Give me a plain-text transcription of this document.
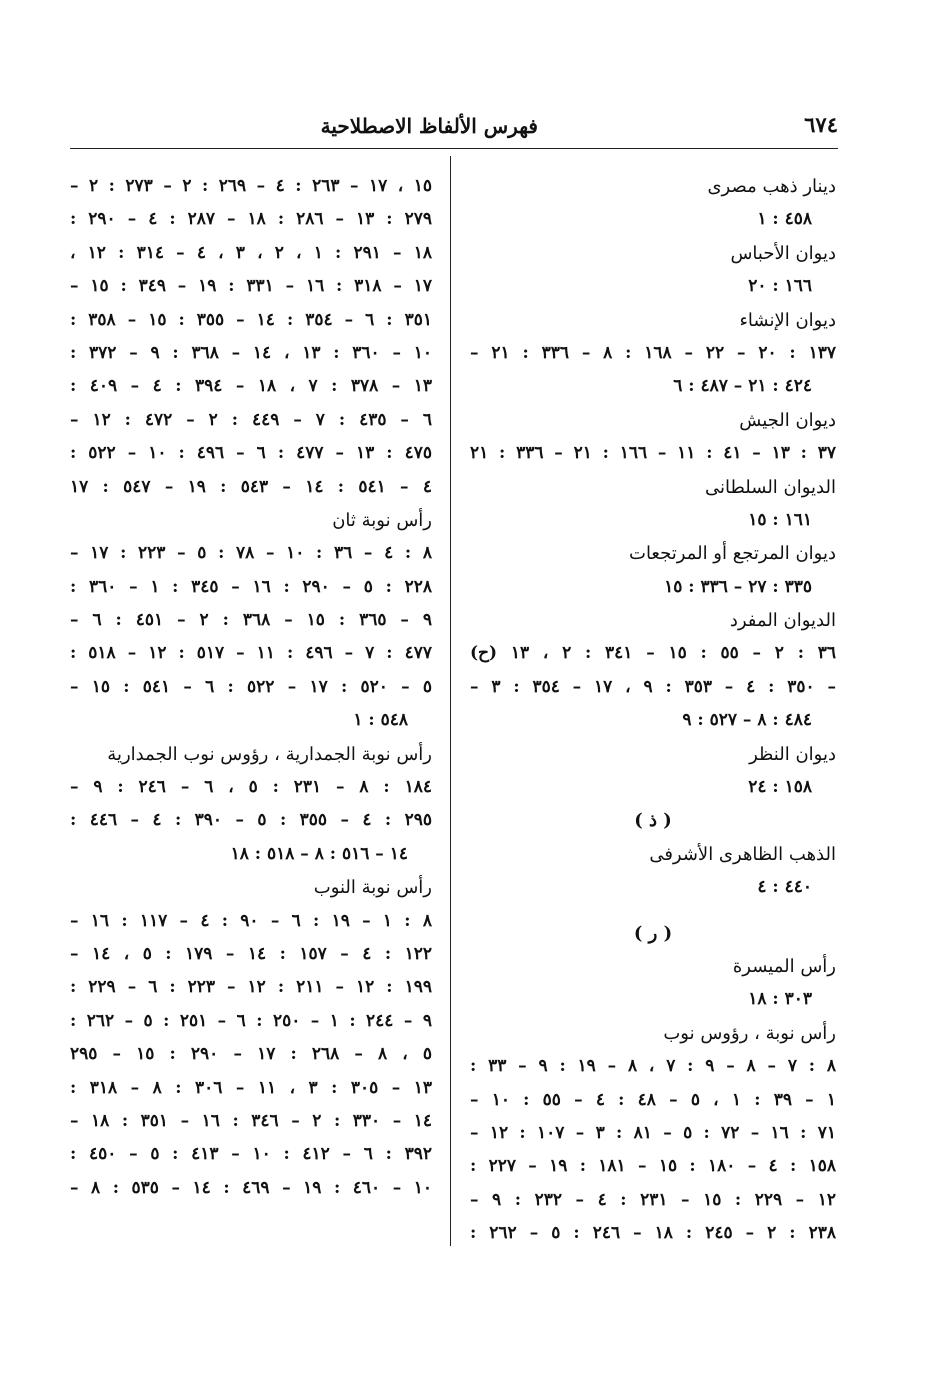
٦٧٤
فهرس الألفاظ الاصطلاحية
دينار ذهب مصرى
٤٥٨ : ١
ديوان الأحباس
١٦٦ : ٢٠
ديوان الإنشاء
١٣٧ : ٢٠ – ٢٢ – ١٦٨ : ٨ – ٣٣٦ : ٢١ –
٤٢٤ : ٢١ – ٤٨٧ : ٦
ديوان الجيش
٣٧ : ١٣ – ٤١ : ١١ – ١٦٦ : ٢١ – ٣٣٦ : ٢١
الديوان السلطانى
١٦١ : ١٥
ديوان المرتجع أو المرتجعات
٣٣٥ : ٢٧ – ٣٣٦ : ١٥
الديوان المفرد
٣٦ : ٢ – ٥٥ : ١٥ – ٣٤١ : ٢ ، ١٣ (ح)
– ٣٥٠ : ٤ – ٣٥٣ : ٩ ، ١٧ – ٣٥٤ : ٣ –
٤٨٤ : ٨ – ٥٢٧ : ٩
ديوان النظر
١٥٨ : ٢٤
( ذ )
الذهب الظاهرى الأشرفى
٤٤٠ : ٤
( ر )
رأس الميسرة
٣٠٣ : ١٨
رأس نوبة ، رؤوس نوب
٨ : ٧ – ٨ – ٩ : ٧ ، ٨ – ١٩ : ٩ – ٣٣ :
١ – ٣٩ : ١ ، ٥ – ٤٨ : ٤ – ٥٥ : ١٠ –
٧١ : ١٦ – ٧٢ : ٥ – ٨١ : ٣ – ١٠٧ : ١٢ –
١٥٨ : ٤ – ١٨٠ : ١٥ – ١٨١ : ١٩ – ٢٢٧ :
١٢ – ٢٢٩ : ١٥ – ٢٣١ : ٤ – ٢٣٢ : ٩ –
٢٣٨ : ٢ – ٢٤٥ : ١٨ – ٢٤٦ : ٥ – ٢٦٢ :
١٥ ، ١٧ – ٢٦٣ : ٤ – ٢٦٩ : ٢ – ٢٧٣ : ٢ –
٢٧٩ : ١٣ – ٢٨٦ : ١٨ – ٢٨٧ : ٤ – ٢٩٠ :
١٨ – ٢٩١ : ١ ، ٢ ، ٣ ، ٤ – ٣١٤ : ١٢ ،
١٧ – ٣١٨ : ١٦ – ٣٣١ : ١٩ – ٣٤٩ : ١٥ –
٣٥١ : ٦ – ٣٥٤ : ١٤ – ٣٥٥ : ١٥ – ٣٥٨ :
١٠ – ٣٦٠ : ١٣ ، ١٤ – ٣٦٨ : ٩ – ٣٧٢ :
١٣ – ٣٧٨ : ٧ ، ١٨ – ٣٩٤ : ٤ – ٤٠٩ :
٦ – ٤٣٥ : ٧ – ٤٤٩ : ٢ – ٤٧٢ : ١٢ –
٤٧٥ : ١٣ – ٤٧٧ : ٦ – ٤٩٦ : ١٠ – ٥٢٢ :
٤ – ٥٤١ : ١٤ – ٥٤٣ : ١٩ – ٥٤٧ : ١٧
رأس نوبة ثان
٨ : ٤ – ٣٦ : ١٠ – ٧٨ : ٥ – ٢٢٣ : ١٧ –
٢٢٨ : ٥ – ٢٩٠ : ١٦ – ٣٤٥ : ١ – ٣٦٠ :
٩ – ٣٦٥ : ١٥ – ٣٦٨ : ٢ – ٤٥١ : ٦ –
٤٧٧ : ٧ – ٤٩٦ : ١١ – ٥١٧ : ١٢ – ٥١٨ :
٥ – ٥٢٠ : ١٧ – ٥٢٢ : ٦ – ٥٤١ : ١٥ –
٥٤٨ : ١
رأس نوبة الجمدارية ، رؤوس نوب الجمدارية
١٨٤ : ٨ – ٢٣١ : ٥ ، ٦ – ٢٤٦ : ٩ –
٢٩٥ : ٤ – ٣٥٥ : ٥ – ٣٩٠ : ٤ – ٤٤٦ :
١٤ – ٥١٦ : ٨ – ٥١٨ : ١٨
رأس نوبة النوب
٨ : ١ – ١٩ : ٦ – ٩٠ : ٤ – ١١٧ : ١٦ –
١٢٢ : ٤ – ١٥٧ : ١٤ – ١٧٩ : ٥ ، ١٤ –
١٩٩ : ١٢ – ٢١١ : ١٢ – ٢٢٣ : ٦ – ٢٢٩ :
٩ – ٢٤٤ : ١ – ٢٥٠ : ٦ – ٢٥١ : ٥ – ٢٦٢ :
٥ ، ٨ – ٢٦٨ : ١٧ – ٢٩٠ : ١٥ – ٢٩٥
١٣ – ٣٠٥ : ٣ ، ١١ – ٣٠٦ : ٨ – ٣١٨ :
١٤ – ٣٣٠ : ٢ – ٣٤٦ : ١٦ – ٣٥١ : ١٨ –
٣٩٢ : ٦ – ٤١٢ : ١٠ – ٤١٣ : ٥ – ٤٥٠ :
١٠ – ٤٦٠ : ١٩ – ٤٦٩ : ١٤ – ٥٣٥ : ٨ –
